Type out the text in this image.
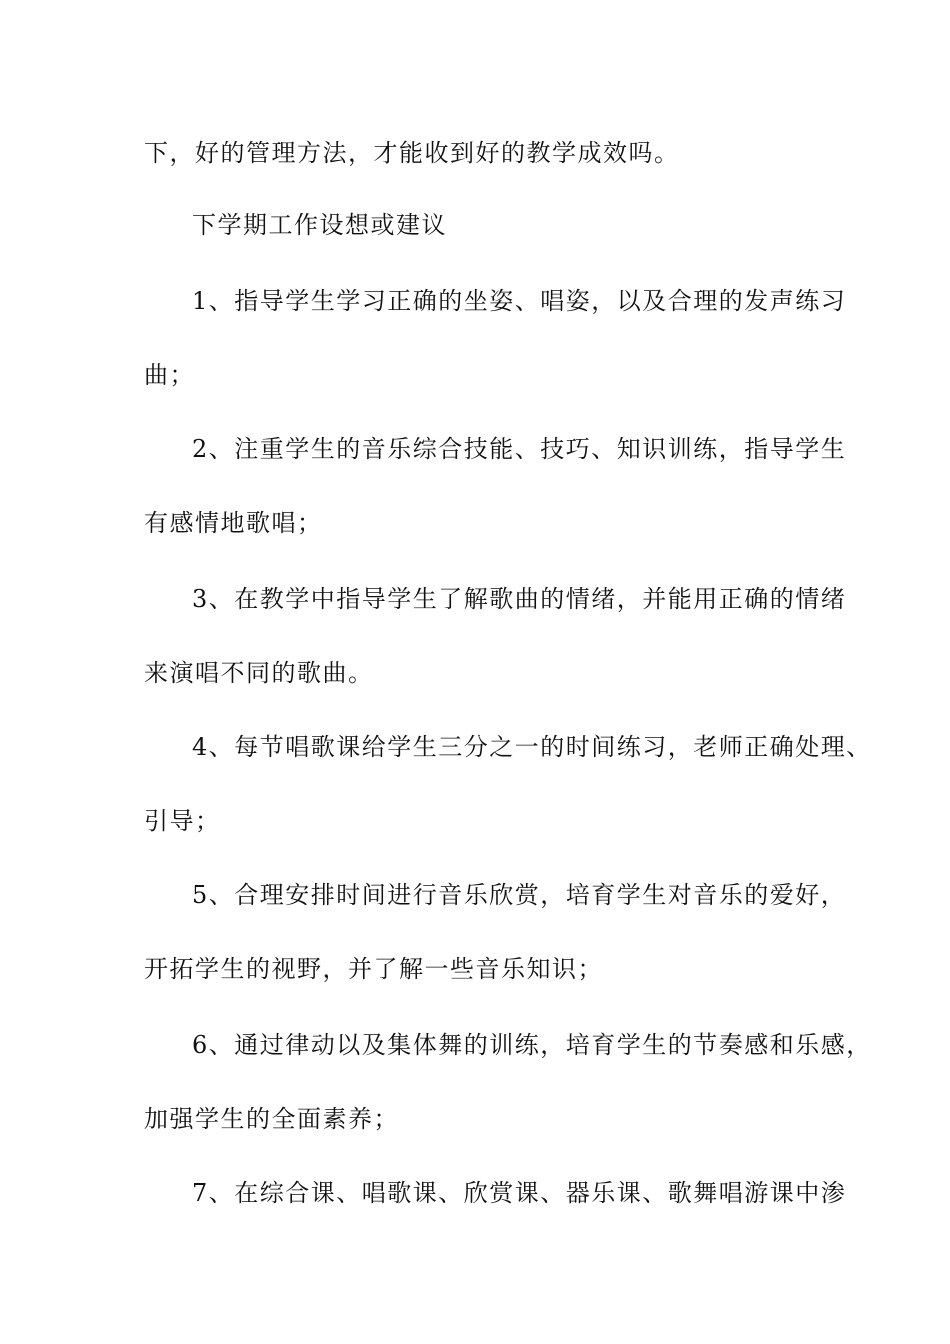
下，好的管理方法，才能收到好的教学成效吗。
下学期工作设想或建议
1、指导学生学习正确的坐姿、唱姿，以及合理的发声练习
曲；
2、注重学生的音乐综合技能、技巧、知识训练，指导学生
有感情地歌唱；
3、在教学中指导学生了解歌曲的情绪，并能用正确的情绪
来演唱不同的歌曲。
4、每节唱歌课给学生三分之一的时间练习，老师正确处理、
引导；
5、合理安排时间进行音乐欣赏，培育学生对音乐的爱好，
开拓学生的视野，并了解一些音乐知识；
6、通过律动以及集体舞的训练，培育学生的节奏感和乐感，
加强学生的全面素养；
7、在综合课、唱歌课、欣赏课、器乐课、歌舞唱游课中渗
